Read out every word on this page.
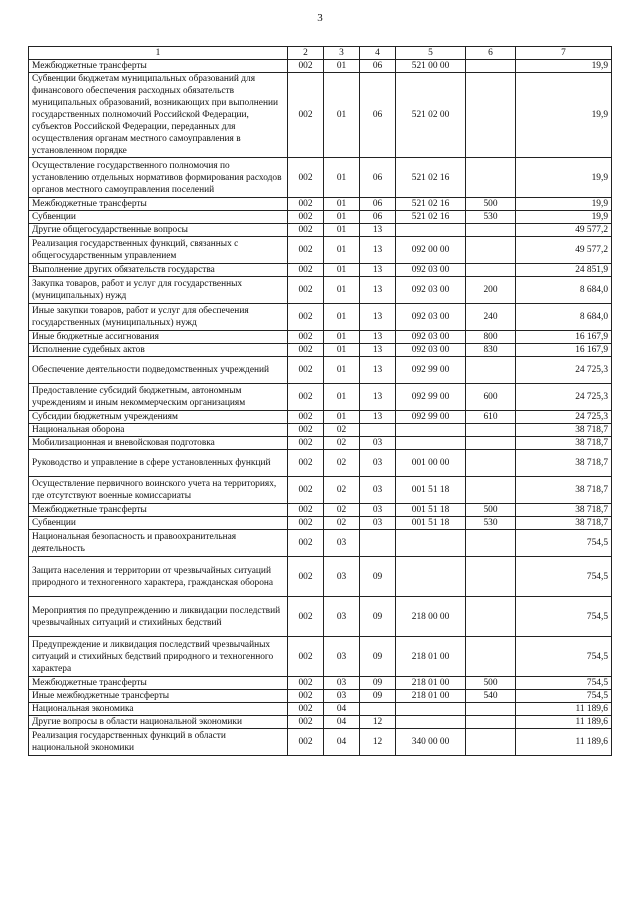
3
1	2	3	4	5	6	7
Межбюджетные трансферты	002	01	06	521 00 00		19,9
Субвенции бюджетам муниципальных образований для финансового обеспечения расходных обязательств муниципальных образований, возникающих при выполнении государственных полномочий Российской Федерации, субъектов Российской Федерации, переданных для осуществления органам местного самоуправления в установленном порядке	002	01	06	521 02 00		19,9
Осуществление государственного полномочия по установлению отдельных нормативов формирования расходов органов местного самоуправления поселений	002	01	06	521 02 16		19,9
Межбюджетные трансферты	002	01	06	521 02 16	500	19,9
Субвенции	002	01	06	521 02 16	530	19,9
Другие общегосударственные вопросы	002	01	13			49 577,2
Реализация государственных функций, связанных с общегосударственным управлением	002	01	13	092 00 00		49 577,2
Выполнение других обязательств государства	002	01	13	092 03 00		24 851,9
Закупка товаров, работ и услуг для государственных (муниципальных) нужд	002	01	13	092 03 00	200	8 684,0
Иные закупки товаров, работ и услуг для обеспечения государственных (муниципальных) нужд	002	01	13	092 03 00	240	8 684,0
Иные бюджетные ассигнования	002	01	13	092 03 00	800	16 167,9
Исполнение судебных актов	002	01	13	092 03 00	830	16 167,9
Обеспечение деятельности подведомственных учреждений	002	01	13	092 99 00		24 725,3
Предоставление субсидий бюджетным, автономным учреждениям и иным некоммерческим организациям	002	01	13	092 99 00	600	24 725,3
Субсидии бюджетным учреждениям	002	01	13	092 99 00	610	24 725,3
Национальная оборона	002	02				38 718,7
Мобилизационная и вневойсковая подготовка	002	02	03			38 718,7
Руководство и управление в сфере установленных функций	002	02	03	001 00 00		38 718,7
Осуществление первичного воинского учета на территориях, где отсутствуют военные комиссариаты	002	02	03	001 51 18		38 718,7
Межбюджетные трансферты	002	02	03	001 51 18	500	38 718,7
Субвенции	002	02	03	001 51 18	530	38 718,7
Национальная безопасность и правоохранительная деятельность	002	03				754,5
Защита населения и территории от чрезвычайных ситуаций природного и техногенного характера, гражданская оборона	002	03	09			754,5
Мероприятия по предупреждению и ликвидации последствий чрезвычайных ситуаций и стихийных бедствий	002	03	09	218 00 00		754,5
Предупреждение и ликвидация последствий чрезвычайных ситуаций и стихийных бедствий природного и техногенного характера	002	03	09	218 01 00		754,5
Межбюджетные трансферты	002	03	09	218 01 00	500	754,5
Иные межбюджетные трансферты	002	03	09	218 01 00	540	754,5
Национальная экономика	002	04				11 189,6
Другие вопросы в области национальной экономики	002	04	12			11 189,6
Реализация государственных функций в области национальной экономики	002	04	12	340 00 00		11 189,6
